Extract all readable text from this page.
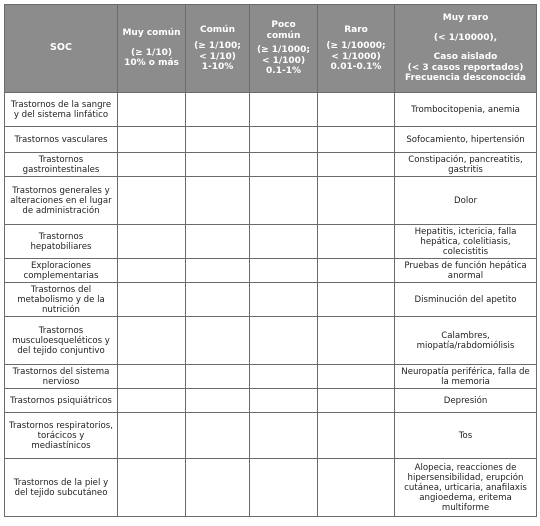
SOC	Muy común
(≥ 1/10)
10% o más	Común
(≥ 1/100;
< 1/10)
1-10%	Poco
común
(≥ 1/1000;
< 1/100)
0.1-1%	Raro
(≥ 1/10000;
< 1/1000)
0.01-0.1%	Muy raro
(< 1/10000),
Caso aislado
(< 3 casos reportados)
Frecuencia desconocida
Trastornos de la sangre y del sistema linfático					Trombocitopenia, anemia
Trastornos vasculares					Sofocamiento, hipertensión
Trastornos gastrointestinales					Constipación, pancreatitis, gastritis
Trastornos generales y alteraciones en el lugar de administración					Dolor
Trastornos hepatobiliares					Hepatitis, ictericia, falla hepática, colelitiasis, colecistitis
Exploraciones complementarias					Pruebas de función hepática anormal
Trastornos del metabolismo y de la nutrición					Disminución del apetito
Trastornos musculoesqueléticos y del tejido conjuntivo					Calambres, miopatía/rabdomiólisis
Trastornos del sistema nervioso					Neuropatía periférica, falla de la memoria
Trastornos psiquiátricos					Depresión
Trastornos respiratorios, torácicos y mediastínicos					Tos
Trastornos de la piel y del tejido subcutáneo					Alopecia, reacciones de hipersensibilidad, erupción cutánea, urticaria, anafilaxis angioedema, eritema multiforme
